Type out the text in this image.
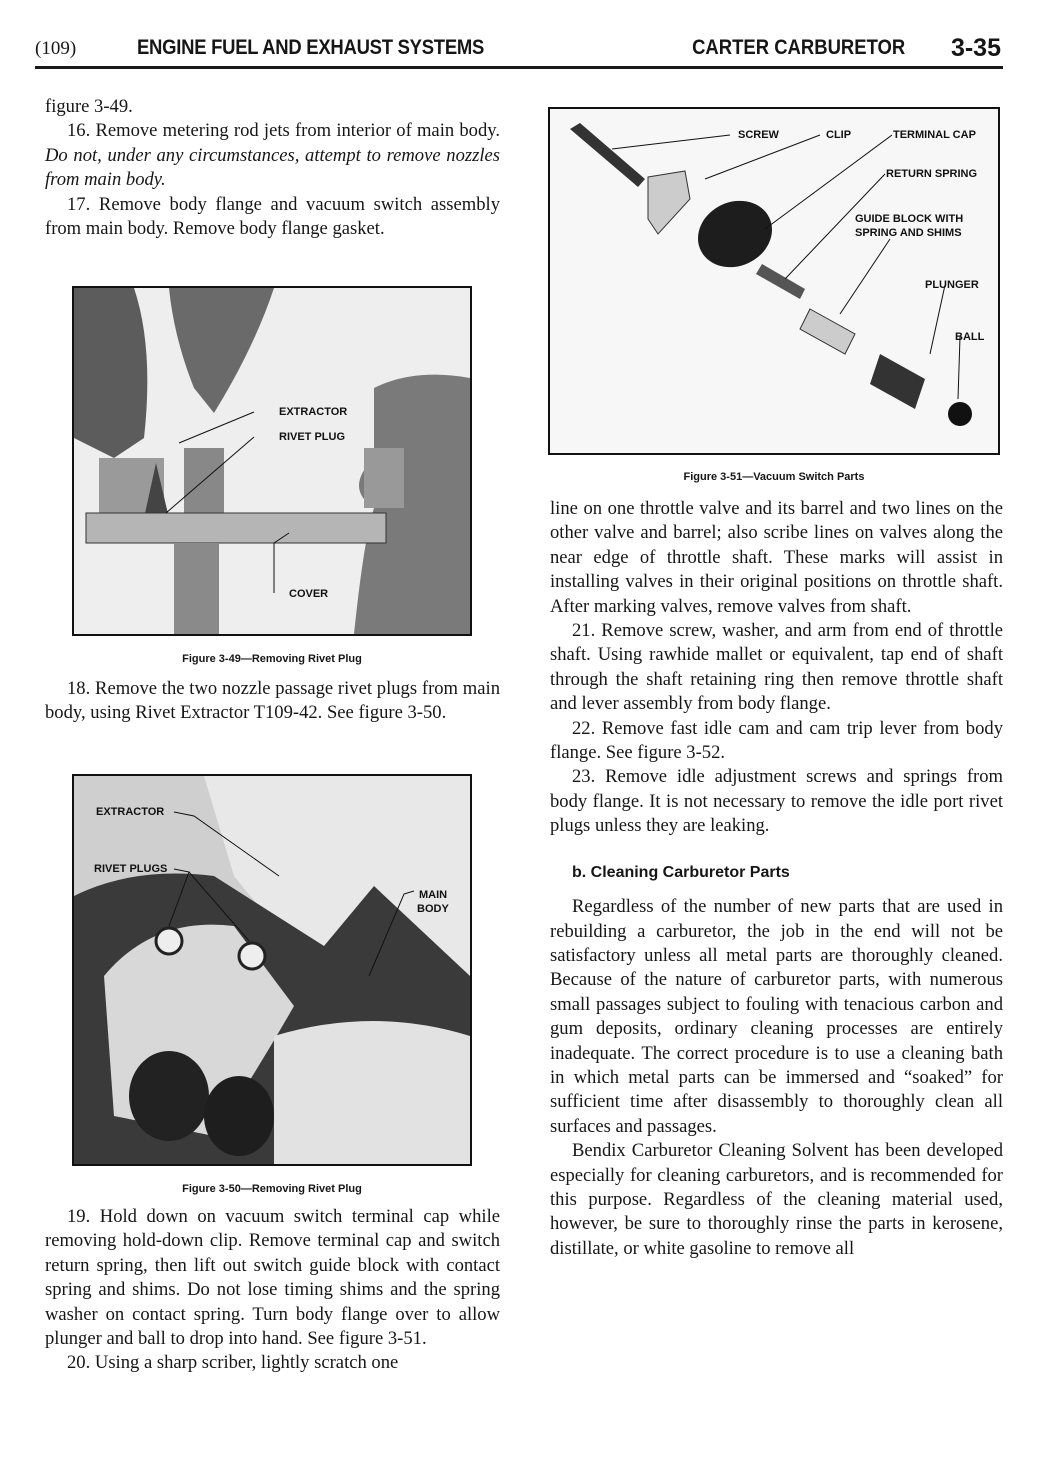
(109)	ENGINE FUEL AND EXHAUST SYSTEMS	CARTER CARBURETOR 3-35

figure 3-49.

16. Remove metering rod jets from interior of main body. Do not, under any circumstances, attempt to remove nozzles from main body.

17. Remove body flange and vacuum switch assembly from main body. Remove body flange gasket.

EXTRACTOR
RIVET PLUG
COVER
Figure 3-49—Removing Rivet Plug

18. Remove the two nozzle passage rivet plugs from main body, using Rivet Extractor T109-42. See figure 3-50.

EXTRACTOR
RIVET PLUGS
MAIN
BODY
Figure 3-50—Removing Rivet Plug

19. Hold down on vacuum switch terminal cap while removing hold-down clip. Remove terminal cap and switch return spring, then lift out switch guide block with contact spring and shims. Do not lose timing shims and the spring washer on contact spring. Turn body flange over to allow plunger and ball to drop into hand. See figure 3-51.

20. Using a sharp scriber, lightly scratch one

SCREW	CLIP	TERMINAL CAP
RETURN SPRING
GUIDE BLOCK WITH
SPRING AND SHIMS
PLUNGER
BALL
Figure 3-51—Vacuum Switch Parts

line on one throttle valve and its barrel and two lines on the other valve and barrel; also scribe lines on valves along the near edge of throttle shaft. These marks will assist in installing valves in their original positions on throttle shaft. After marking valves, remove valves from shaft.

21. Remove screw, washer, and arm from end of throttle shaft. Using rawhide mallet or equivalent, tap end of shaft through the shaft retaining ring then remove throttle shaft and lever assembly from body flange.

22. Remove fast idle cam and cam trip lever from body flange. See figure 3-52.

23. Remove idle adjustment screws and springs from body flange. It is not necessary to remove the idle port rivet plugs unless they are leaking.

b. Cleaning Carburetor Parts

Regardless of the number of new parts that are used in rebuilding a carburetor, the job in the end will not be satisfactory unless all metal parts are thoroughly cleaned. Because of the nature of carburetor parts, with numerous small passages subject to fouling with tenacious carbon and gum deposits, ordinary cleaning processes are entirely inadequate. The correct procedure is to use a cleaning bath in which metal parts can be immersed and “soaked” for sufficient time after disassembly to thoroughly clean all surfaces and passages.

Bendix Carburetor Cleaning Solvent has been developed especially for cleaning carburetors, and is recommended for this purpose. Regardless of the cleaning material used, however, be sure to thoroughly rinse the parts in kerosene, distillate, or white gasoline to remove all
